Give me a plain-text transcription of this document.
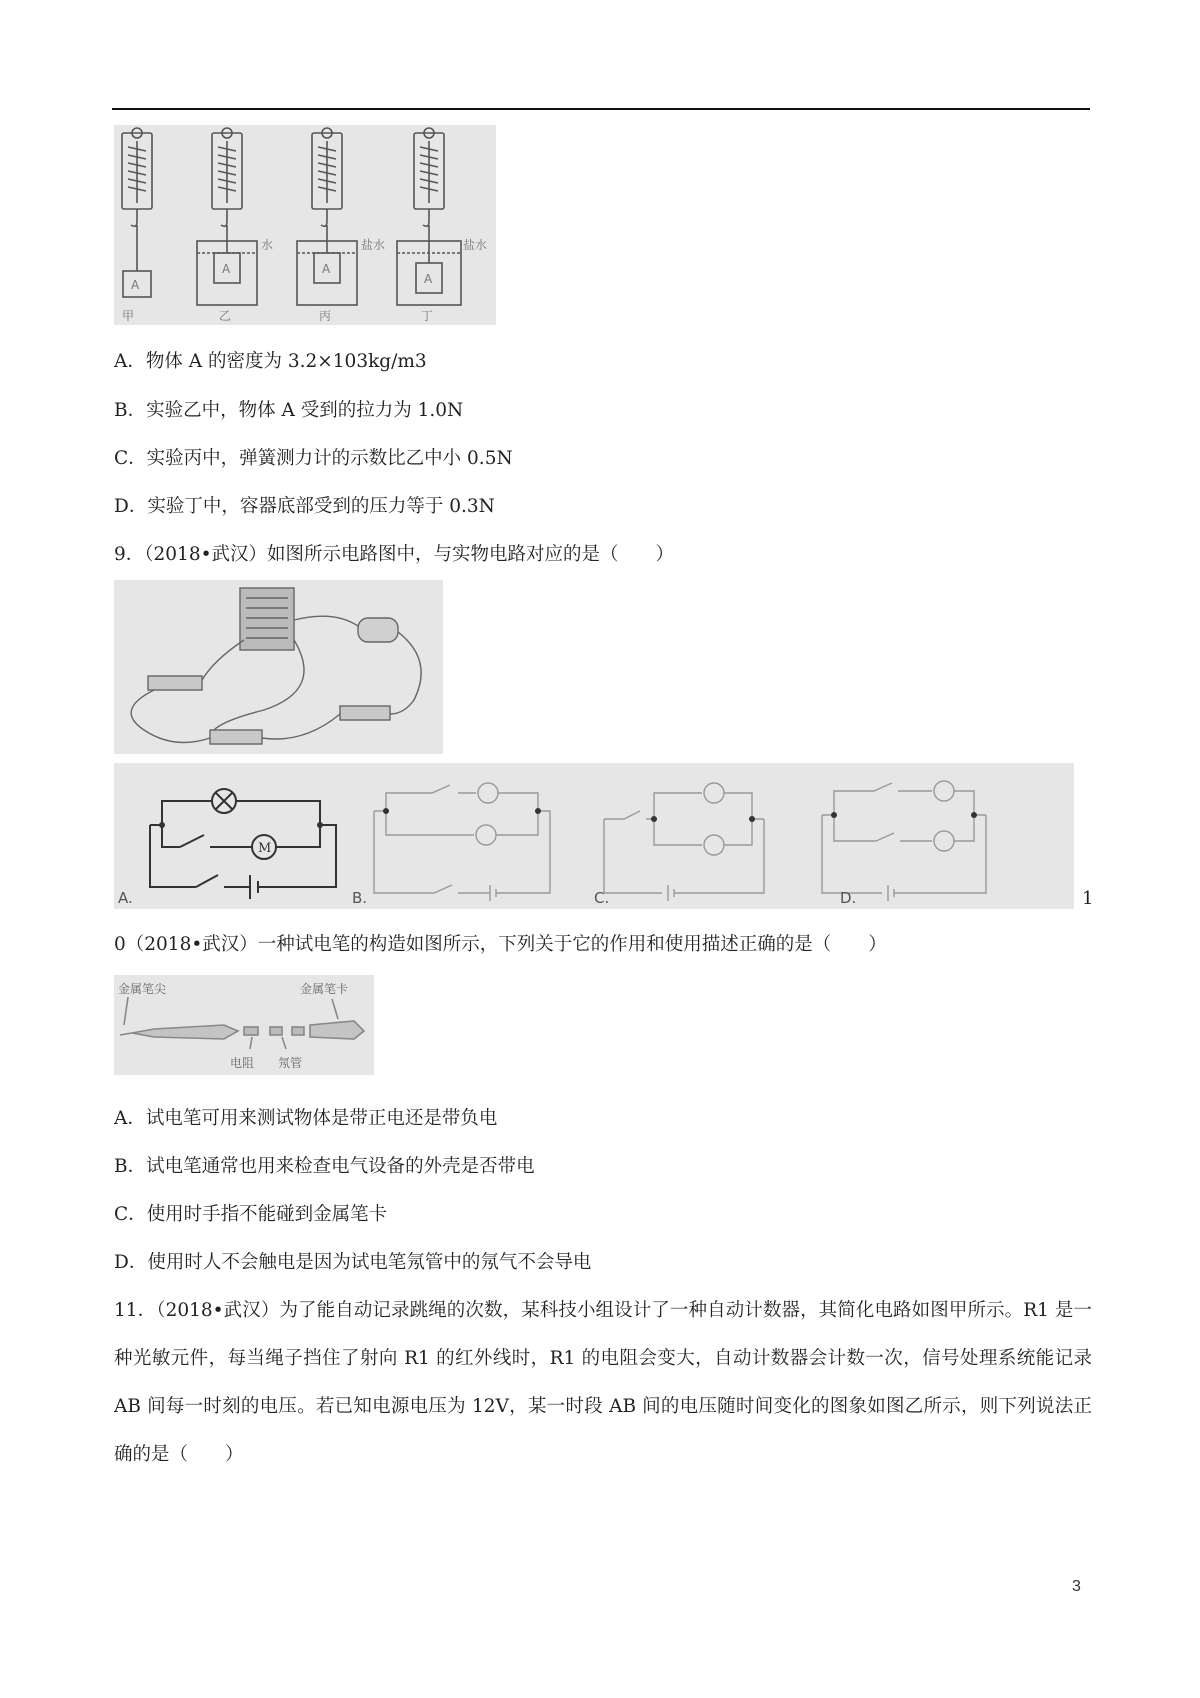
A
A	A
A
水	盐水	盐水
甲	乙	丙	丁
A．物体 A 的密度为 3.2×103kg/m3
B．实验乙中，物体 A 受到的拉力为 1.0N
C．实验丙中，弹簧测力计的示数比乙中小 0.5N
D．实验丁中，容器底部受到的压力等于 0.3N
9．（2018•武汉）如图所示电路图中，与实物电路对应的是（　　）
M
A.	B.	C.	D.	1
0（2018•武汉）一种试电笔的构造如图所示，下列关于它的作用和使用描述正确的是（　　）
金属笔尖	金属笔卡
电阻 氖管
A．试电笔可用来测试物体是带正电还是带负电
B．试电笔通常也用来检查电气设备的外壳是否带电
C．使用时手指不能碰到金属笔卡
D．使用时人不会触电是因为试电笔氖管中的氖气不会导电
11．（2018•武汉）为了能自动记录跳绳的次数，某科技小组设计了一种自动计数器，其简化电路如图甲所示。R1 是一种光敏元件，每当绳子挡住了射向 R1 的红外线时，R1 的电阻会变大，自动计数器会计数一次，信号处理系统能记录 AB 间每一时刻的电压。若已知电源电压为 12V，某一时段 AB 间的电压随时间变化的图象如图乙所示，则下列说法正确的是（　　）
3
